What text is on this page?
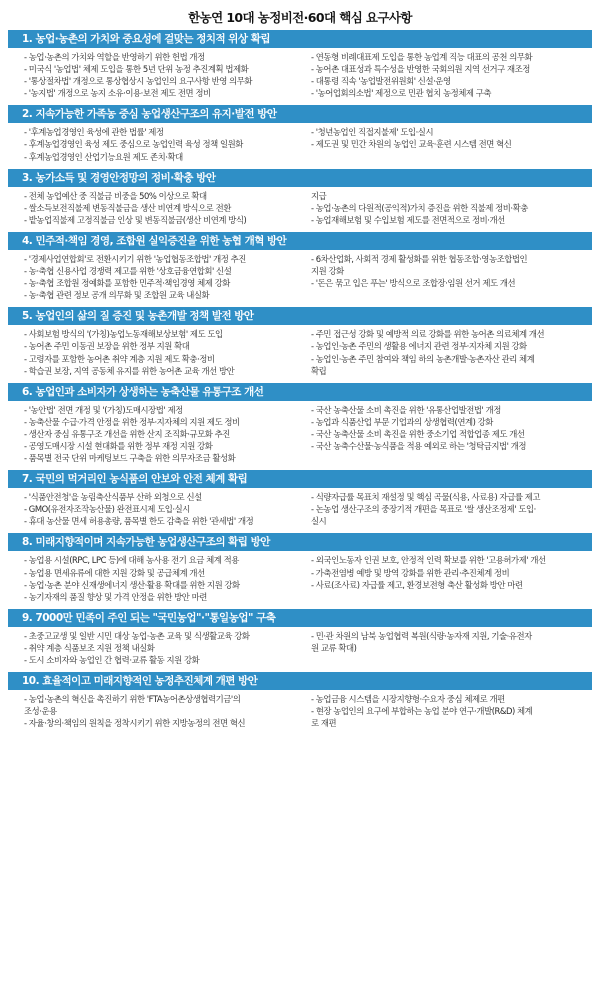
한농연 10대 농정비전·60대 핵심 요구사항
1. 농업·농촌의 가치와 중요성에 걸맞는 정치적 위상 확립
- 농업·농촌의 가치와 역할을 반영하기 위한 헌법 개정
- 미국식 '농업법' 체제 도입을 통한 5년 단위 농정 추진계획 법제화
- '통상절차법' 개정으로 통상협상시 농업인의 요구사항 반영 의무화
- '농지법' 개정으로 농지 소유·이용·보전 제도 전면 정비
- 연동형 비례대표제 도입을 통한 농업계 직능 대표의 공천 의무화
- 농어촌 대표성과 특수성을 반영한 국회의원 지역 선거구 재조정
- 대통령 직속 '농업발전위원회' 신설·운영
- '농어업회의소법' 제정으로 민관 협치 농정체제 구축
2. 지속가능한 가족농 중심 농업생산구조의 유지·발전 방안
- '후계농업경영인 육성에 관한 법률' 제정
- 후계농업경영인 육성 제도 중심으로 농업인력 육성 정책 일원화
- 후계농업경영인 산업기능요원 제도 존치·확대
- '청년농업인 직접지불제' 도입·실시
- 제도권 및 민간 차원의 농업인 교육·훈련 시스템 전면 혁신
3. 농가소득 및 경영안정망의 정비·확충 방안
- 전체 농업예산 중 직불금 비중을 50% 이상으로 확대
- 쌀소득보전직불제 변동직불금을 생산 비연계 방식으로 전환
- 밭농업직불제 고정직불금 인상 및 변동직불금(생산 비연계 방식)
지급
- 농업·농촌의 다원적(공익적)가치 증진을 위한 직불제 정비·확충
- 농업재해보험 및 수입보험 제도를 전면적으로 정비·개선
4. 민주적·책임 경영, 조합원 실익증진을 위한 농협 개혁 방안
- '경제사업연합회'로 전환시키기 위한 '농업협동조합법' 개정 추진
- 농·축협 신용사업 경쟁력 제고를 위한 '상호금융연합회' 신설
- 농·축협 조합원 정예화를 포함한 민주적·책임경영 체제 강화
- 농·축협 관련 정보 공개 의무화 및 조합원 교육 내실화
- 6차산업화, 사회적 경제 활성화를 위한 협동조합·영농조합법인
지원 강화
- '돈은 묶고 입은 푸는' 방식으로 조합장·임원 선거 제도 개선
5. 농업인의 삶의 질 증진 및 농촌개발 정책 발전 방안
- 사회보험 방식의 '(가칭)농업노동재해보상보험' 제도 도입
- 농어촌 주민 이동권 보장을 위한 정부 지원 확대
- 고령자를 포함한 농어촌 취약 계층 지원 제도 확충·정비
- 학습권 보장, 지역 공동체 유지를 위한 농어촌 교육 개선 방안
- 주민 접근성 강화 및 예방적 의료 강화를 위한 농어촌 의료체계 개선
- 농업인·농촌 주민의 생활용 에너지 관련 정부·지자체 지원 강화
- 농업인·농촌 주민 참여와 책임 하의 농촌개발·농촌자산 관리 체계
확립
6. 농업인과 소비자가 상생하는 농축산물 유통구조 개선
- '농안법' 전면 개정 및 '(가칭)도매시장법' 제정
- 농축산물 수급·가격 안정을 위한 정부·지자체의 지원 제도 정비
- 생산자 중심 유통구조 개선을 위한 산지 조직화·규모화 추진
- 공영도매시장 시설 현대화를 위한 정부 재정 지원 강화
- 품목별 전국 단위 마케팅보드 구축을 위한 의무자조금 활성화
- 국산 농축산물 소비 촉진을 위한 '유통산업발전법' 개정
- 농업과 식품산업 부문 기업과의 상생협력(연계) 강화
- 국산 농축산물 소비 촉진을 위한 중소기업 적합업종 제도 개선
- 국산 농축수산물·농식품을 적용 예외로 하는 '청탁금지법' 개정
7. 국민의 먹거리인 농식품의 안보와 안전 체계 확립
- '식품안전청'을 농림축산식품부 산하 외청으로 신설
- GMO(유전자조작농산물) 완전표시제 도입·실시
- 휴대 농산물 면세 허용총량, 품목별 한도 감축을 위한 '관세법' 개정
- 식량자급률 목표치 재설정 및 핵심 곡물(식용, 사료용) 자급률 제고
- 논농업 생산구조의 중장기적 개편을 목표로 '쌀 생산조정제' 도입·
실시
8. 미래지향적이며 지속가능한 농업생산구조의 확립 방안
- 농업용 시설(RPC, LPC 등)에 대해 농사용 전기 요금 체계 적용
- 농업용 면세유류에 대한 지원 강화 및 공급체계 개선
- 농업·농촌 분야 신재생에너지 생산·활용 확대를 위한 지원 강화
- 농기자재의 품질 향상 및 가격 안정을 위한 방안 마련
- 외국인노동자 인권 보호, 안정적 인력 확보를 위한 '고용허가제' 개선
- 가축전염병 예방 및 방역 강화를 위한 관리·추진체계 정비
- 사료(조사료) 자급률 제고, 환경보전형 축산 활성화 방안 마련
9. 7000만 민족이 주인 되는 "국민농업"·"통일농업" 구축
- 초중고교생 및 일반 시민 대상 농업·농촌 교육 및 식생활교육 강화
- 취약 계층 식품보조 지원 정책 내실화
- 도시 소비자와 농업인 간 협력·교류 활동 지원 강화
- 민·관 차원의 남북 농업협력 복원(식량·농자재 지원, 기술·유전자
원 교류 확대)
10. 효율적이고 미래지향적인 농정추진체계 개편 방안
- 농업·농촌의 혁신을 촉진하기 위한 'FTA농어촌상생협력기금'의
조성·운용
- 자율·창의·책임의 원칙을 정착시키기 위한 지방농정의 전면 혁신
- 농업금융 시스템을 시장지향형·수요자 중심 체제로 개편
- 현장 농업인의 요구에 부합하는 농업 분야 연구·개발(R&D) 체계
로 재편
